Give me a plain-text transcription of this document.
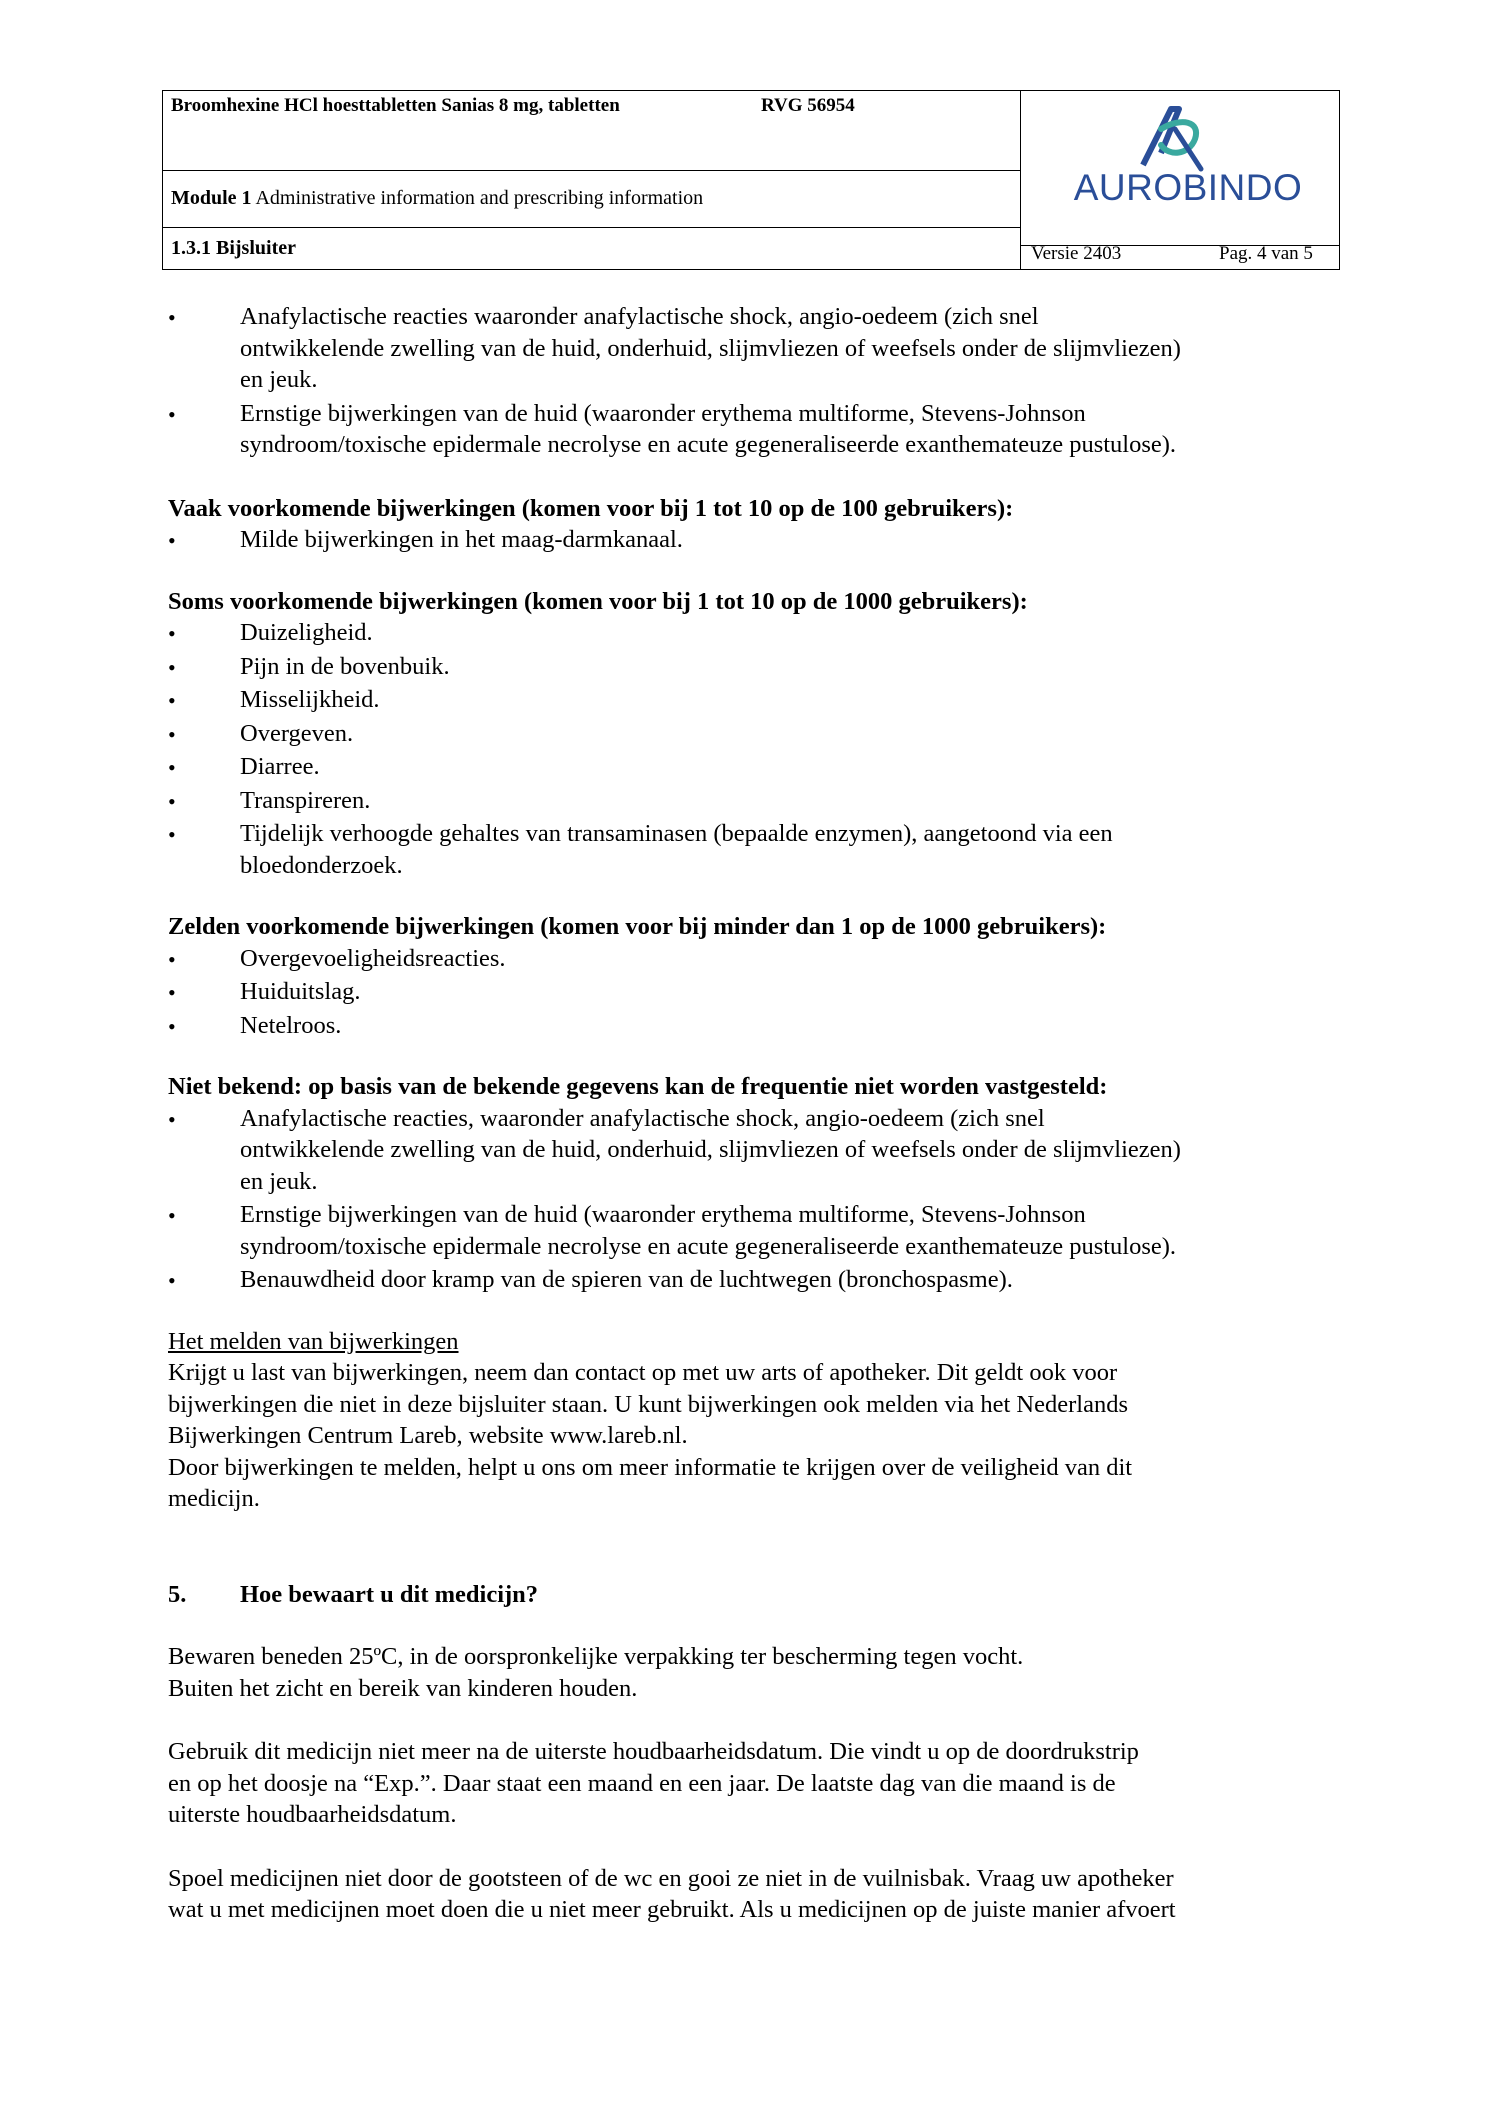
Broomhexine HCl hoesttabletten Sanias 8 mg, tabletten	RVG 56954
Module 1 Administrative information and prescribing information
1.3.1 Bijsluiter	Versie 2403	Pag. 4 van 5
AUROBINDO
•	Anafylactische reacties waaronder anafylactische shock, angio-oedeem (zich snel
ontwikkelende zwelling van de huid, onderhuid, slijmvliezen of weefsels onder de slijmvliezen)
en jeuk.
•	Ernstige bijwerkingen van de huid (waaronder erythema multiforme, Stevens-Johnson
syndroom/toxische epidermale necrolyse en acute gegeneraliseerde exanthemateuze pustulose).
Vaak voorkomende bijwerkingen (komen voor bij 1 tot 10 op de 100 gebruikers):
•	Milde bijwerkingen in het maag-darmkanaal.
Soms voorkomende bijwerkingen (komen voor bij 1 tot 10 op de 1000 gebruikers):
•	Duizeligheid.
•	Pijn in de bovenbuik.
•	Misselijkheid.
•	Overgeven.
•	Diarree.
•	Transpireren.
•	Tijdelijk verhoogde gehaltes van transaminasen (bepaalde enzymen), aangetoond via een
bloedonderzoek.
Zelden voorkomende bijwerkingen (komen voor bij minder dan 1 op de 1000 gebruikers):
•	Overgevoeligheidsreacties.
•	Huiduitslag.
•	Netelroos.
Niet bekend: op basis van de bekende gegevens kan de frequentie niet worden vastgesteld:
•	Anafylactische reacties, waaronder anafylactische shock, angio-oedeem (zich snel
ontwikkelende zwelling van de huid, onderhuid, slijmvliezen of weefsels onder de slijmvliezen)
en jeuk.
•	Ernstige bijwerkingen van de huid (waaronder erythema multiforme, Stevens-Johnson
syndroom/toxische epidermale necrolyse en acute gegeneraliseerde exanthemateuze pustulose).
•	Benauwdheid door kramp van de spieren van de luchtwegen (bronchospasme).
Het melden van bijwerkingen
Krijgt u last van bijwerkingen, neem dan contact op met uw arts of apotheker. Dit geldt ook voor
bijwerkingen die niet in deze bijsluiter staan. U kunt bijwerkingen ook melden via het Nederlands
Bijwerkingen Centrum Lareb, website www.lareb.nl.
Door bijwerkingen te melden, helpt u ons om meer informatie te krijgen over de veiligheid van dit
medicijn.
5. Hoe bewaart u dit medicijn?
Bewaren beneden 25ºC, in de oorspronkelijke verpakking ter bescherming tegen vocht.
Buiten het zicht en bereik van kinderen houden.
Gebruik dit medicijn niet meer na de uiterste houdbaarheidsdatum. Die vindt u op de doordrukstrip
en op het doosje na “Exp.”. Daar staat een maand en een jaar. De laatste dag van die maand is de
uiterste houdbaarheidsdatum.
Spoel medicijnen niet door de gootsteen of de wc en gooi ze niet in de vuilnisbak. Vraag uw apotheker
wat u met medicijnen moet doen die u niet meer gebruikt. Als u medicijnen op de juiste manier afvoert
